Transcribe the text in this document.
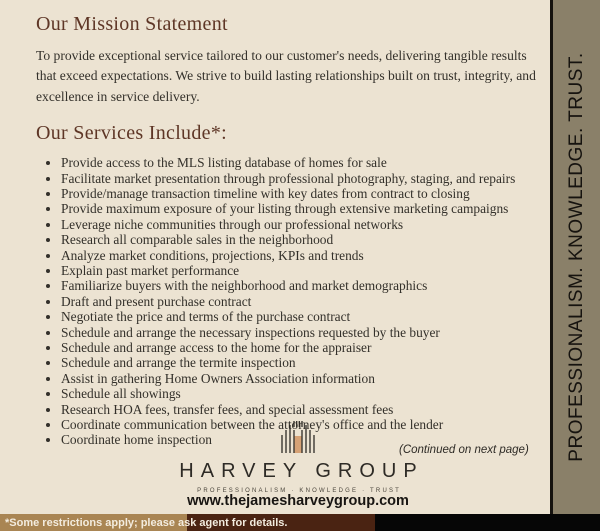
Our Mission Statement

To provide exceptional service tailored to our customer's needs, delivering tangible results that exceed expectations. We strive to build lasting relationships built on trust, integrity, and excellence in service delivery.

Our Services Include*:
• Provide access to the MLS listing database of homes for sale
• Facilitate market presentation through professional photography, staging, and repairs
• Provide/manage transaction timeline with key dates from contract to closing
• Provide maximum exposure of your listing through extensive marketing campaigns
• Leverage niche communities through our professional networks
• Research all comparable sales in the neighborhood
• Analyze market conditions, projections, KPIs and trends
• Explain past market performance
• Familiarize buyers with the neighborhood and market demographics
• Draft and present purchase contract
• Negotiate the price and terms of the purchase contract
• Schedule and arrange the necessary inspections requested by the buyer
• Schedule and arrange access to the home for the appraiser
• Schedule and arrange the termite inspection
• Assist in gathering Home Owners Association information
• Schedule all showings
• Research HOA fees, transfer fees, and special assessment fees
• Coordinate communication between the attorney's office and the lender
• Coordinate home inspection
HARVEY GROUP
PROFESSIONALISM · KNOWLEDGE · TRUST
(Continued on next page)
www.thejamesharveygroup.com
PROFESSIONALISM. KNOWLEDGE. TRUST.
*Some restrictions apply; please ask agent for details.
